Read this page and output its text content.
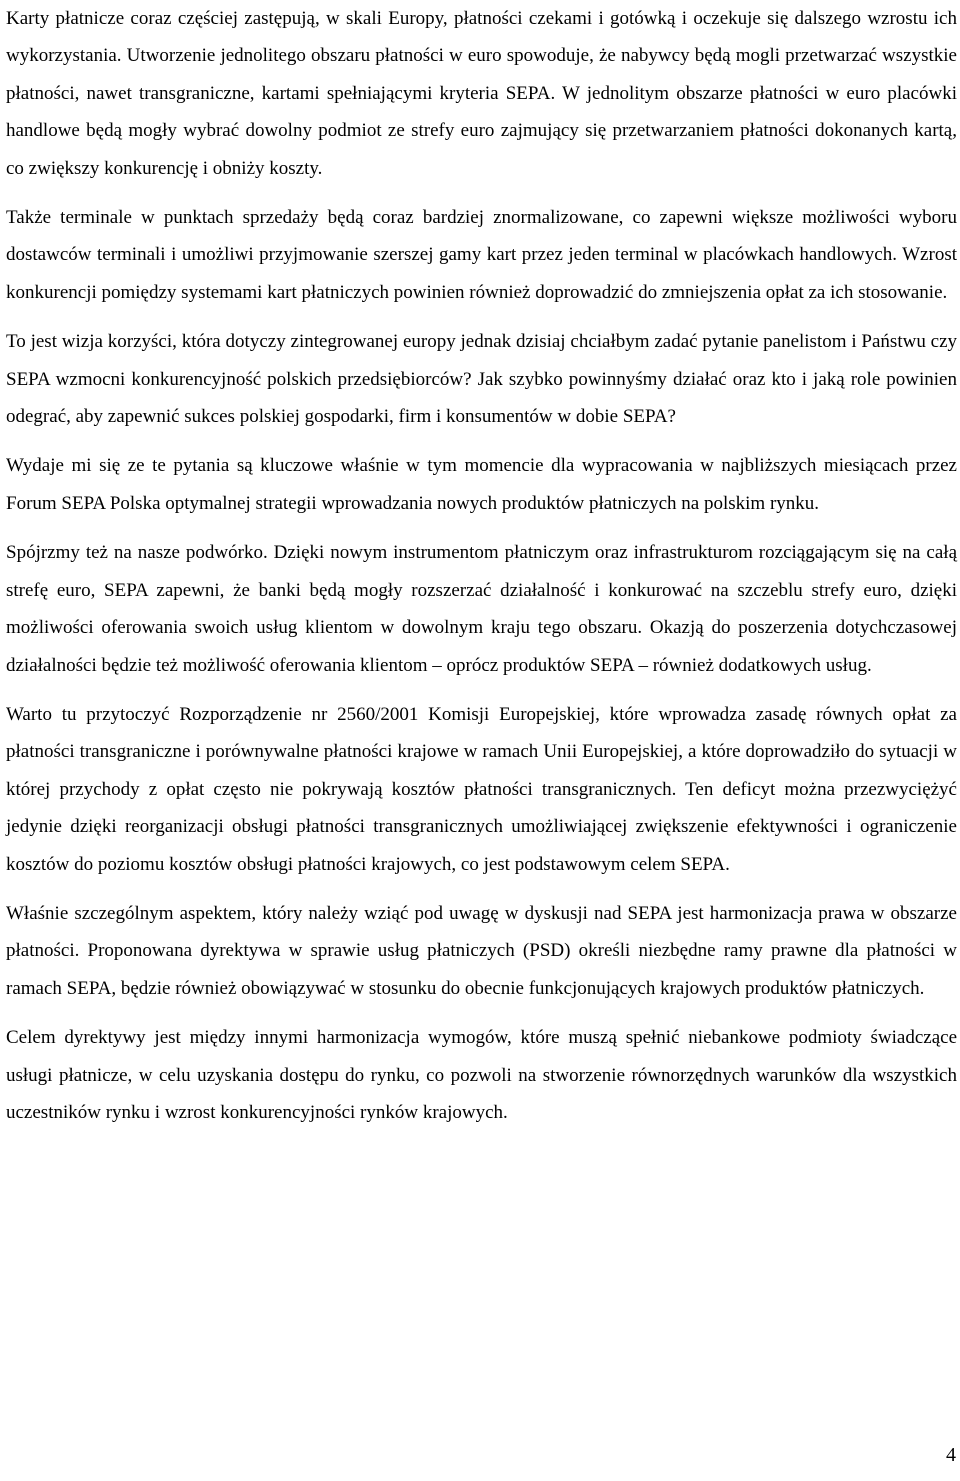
Karty płatnicze coraz częściej zastępują, w skali Europy, płatności czekami i gotówką i oczekuje się dalszego wzrostu ich wykorzystania. Utworzenie jednolitego obszaru płatności w euro spowoduje, że nabywcy będą mogli przetwarzać wszystkie płatności, nawet transgraniczne, kartami spełniającymi kryteria SEPA. W jednolitym obszarze płatności w euro placówki handlowe będą mogły wybrać dowolny podmiot ze strefy euro zajmujący się przetwarzaniem płatności dokonanych kartą, co zwiększy konkurencję i obniży koszty.

Także terminale w punktach sprzedaży będą coraz bardziej znormalizowane, co zapewni większe możliwości wyboru dostawców terminali i umożliwi przyjmowanie szerszej gamy kart przez jeden terminal w placówkach handlowych. Wzrost konkurencji pomiędzy systemami kart płatniczych powinien również doprowadzić do zmniejszenia opłat za ich stosowanie.

To jest wizja korzyści, która dotyczy zintegrowanej europy jednak dzisiaj chciałbym zadać pytanie panelistom i Państwu czy SEPA wzmocni konkurencyjność polskich przedsiębiorców? Jak szybko powinnyśmy działać oraz kto i jaką role powinien odegrać, aby zapewnić sukces polskiej gospodarki, firm i konsumentów w dobie SEPA?

Wydaje mi się ze te pytania są kluczowe właśnie w tym momencie dla wypracowania w najbliższych miesiącach przez Forum SEPA Polska optymalnej strategii wprowadzania nowych produktów płatniczych na polskim rynku.

Spójrzmy też na nasze podwórko. Dzięki nowym instrumentom płatniczym oraz infrastrukturom rozciągającym się na całą strefę euro, SEPA zapewni, że banki będą mogły rozszerzać działalność i konkurować na szczeblu strefy euro, dzięki możliwości oferowania swoich usług klientom w dowolnym kraju tego obszaru. Okazją do poszerzenia dotychczasowej działalności będzie też możliwość oferowania klientom – oprócz produktów SEPA – również dodatkowych usług.

Warto tu przytoczyć Rozporządzenie nr 2560/2001 Komisji Europejskiej, które wprowadza zasadę równych opłat za płatności transgraniczne i porównywalne płatności krajowe w ramach Unii Europejskiej, a które doprowadziło do sytuacji w której przychody z opłat często nie pokrywają kosztów płatności transgranicznych. Ten deficyt można przezwyciężyć jedynie dzięki reorganizacji obsługi płatności transgranicznych umożliwiającej zwiększenie efektywności i ograniczenie kosztów do poziomu kosztów obsługi płatności krajowych, co jest podstawowym celem SEPA.

Właśnie szczególnym aspektem, który należy wziąć pod uwagę w dyskusji nad SEPA jest harmonizacja prawa w obszarze płatności. Proponowana dyrektywa w sprawie usług płatniczych (PSD) określi niezbędne ramy prawne dla płatności w ramach SEPA, będzie również obowiązywać w stosunku do obecnie funkcjonujących krajowych produktów płatniczych.

Celem dyrektywy jest między innymi harmonizacja wymogów, które muszą spełnić niebankowe podmioty świadczące usługi płatnicze, w celu uzyskania dostępu do rynku, co pozwoli na stworzenie równorzędnych warunków dla wszystkich uczestników rynku i wzrost konkurencyjności rynków krajowych.

4
